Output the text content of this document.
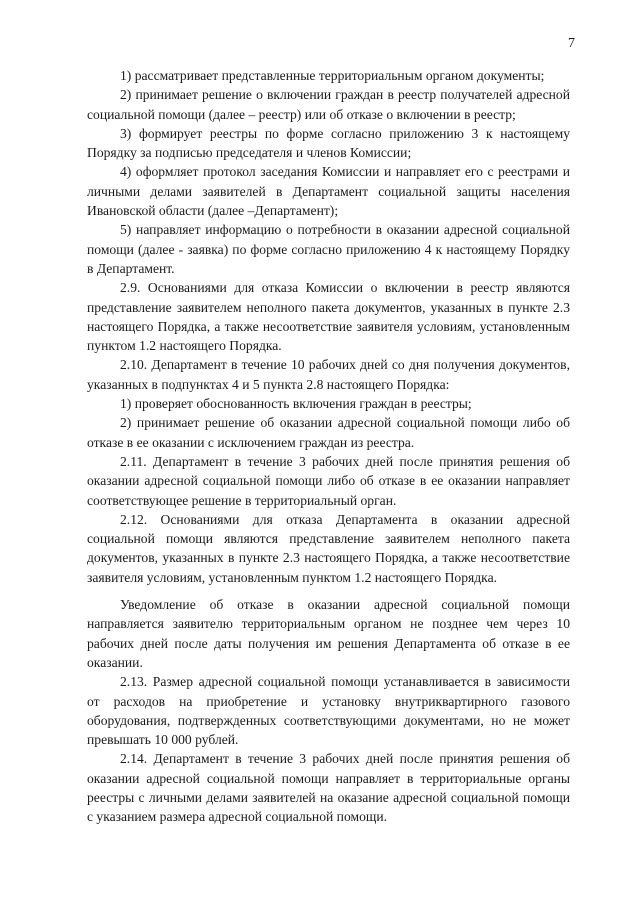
7

1) рассматривает представленные территориальным органом документы;

2) принимает решение о включении граждан в реестр получателей адресной социальной помощи (далее – реестр) или об отказе о включении в реестр;

3) формирует реестры по форме согласно приложению 3 к настоящему Порядку за подписью председателя и членов Комиссии;

4) оформляет протокол заседания Комиссии и направляет его с реестрами и личными делами заявителей в Департамент социальной защиты населения Ивановской области (далее –Департамент);

5) направляет информацию о потребности в оказании адресной социальной помощи (далее - заявка) по форме согласно приложению 4 к настоящему Порядку в Департамент.

2.9. Основаниями для отказа Комиссии о включении в реестр являются представление заявителем неполного пакета документов, указанных в пункте 2.3 настоящего Порядка, а также несоответствие заявителя условиям, установленным пунктом 1.2 настоящего Порядка.

2.10. Департамент в течение 10 рабочих дней со дня получения документов, указанных в подпунктах 4 и 5 пункта 2.8 настоящего Порядка:

1) проверяет обоснованность включения граждан в реестры;

2) принимает решение об оказании адресной социальной помощи либо об отказе в ее оказании с исключением граждан из реестра.

2.11. Департамент в течение 3 рабочих дней после принятия решения об оказании адресной социальной помощи либо об отказе в ее оказании направляет соответствующее решение в территориальный орган.

2.12. Основаниями для отказа Департамента в оказании адресной социальной помощи являются представление заявителем неполного пакета документов, указанных в пункте 2.3 настоящего Порядка, а также несоответствие заявителя условиям, установленным пунктом 1.2 настоящего Порядка.

Уведомление об отказе в оказании адресной социальной помощи направляется заявителю территориальным органом не позднее чем через 10 рабочих дней после даты получения им решения Департамента об отказе в ее оказании.

2.13. Размер адресной социальной помощи устанавливается в зависимости от расходов на приобретение и установку внутриквартирного газового оборудования, подтвержденных соответствующими документами, но не может превышать 10 000 рублей.

2.14. Департамент в течение 3 рабочих дней после принятия решения об оказании адресной социальной помощи направляет в территориальные органы реестры с личными делами заявителей на оказание адресной социальной помощи с указанием размера адресной социальной помощи.
